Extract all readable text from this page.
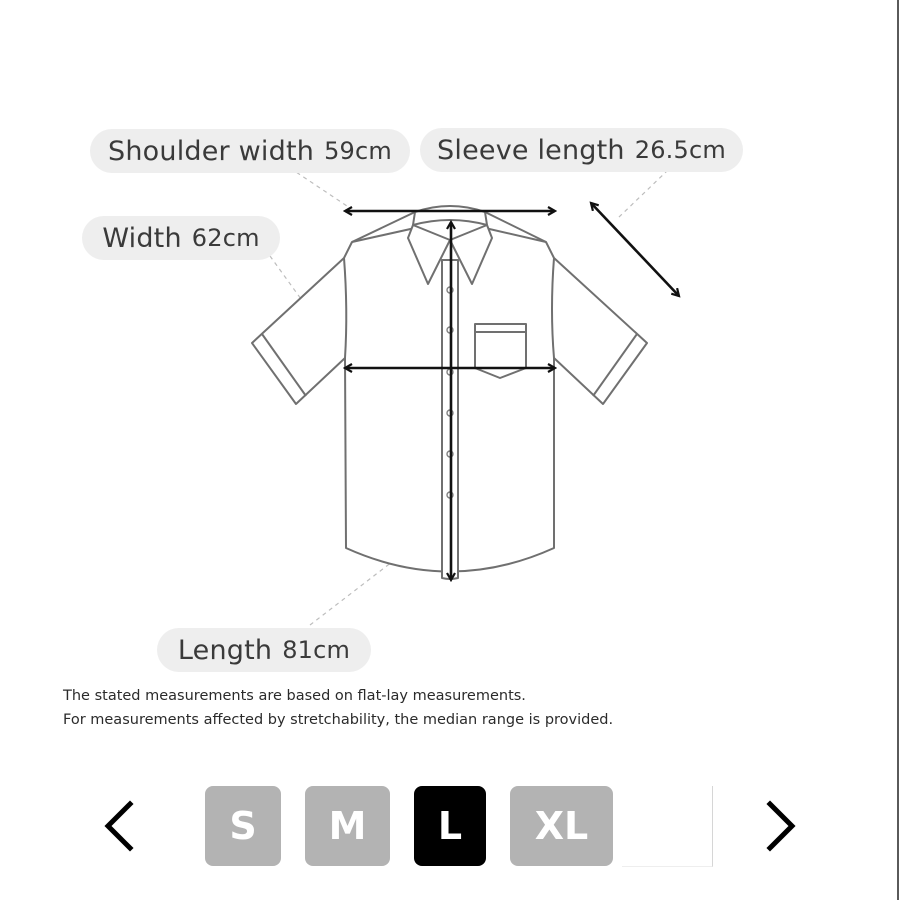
Shoulder width 59cm Sleeve length 26.5cm
Width 62cm
Length 81cm
The stated measurements are based on flat-lay measurements.
For measurements affected by stretchability, the median range is provided.
S	M	L	XL
